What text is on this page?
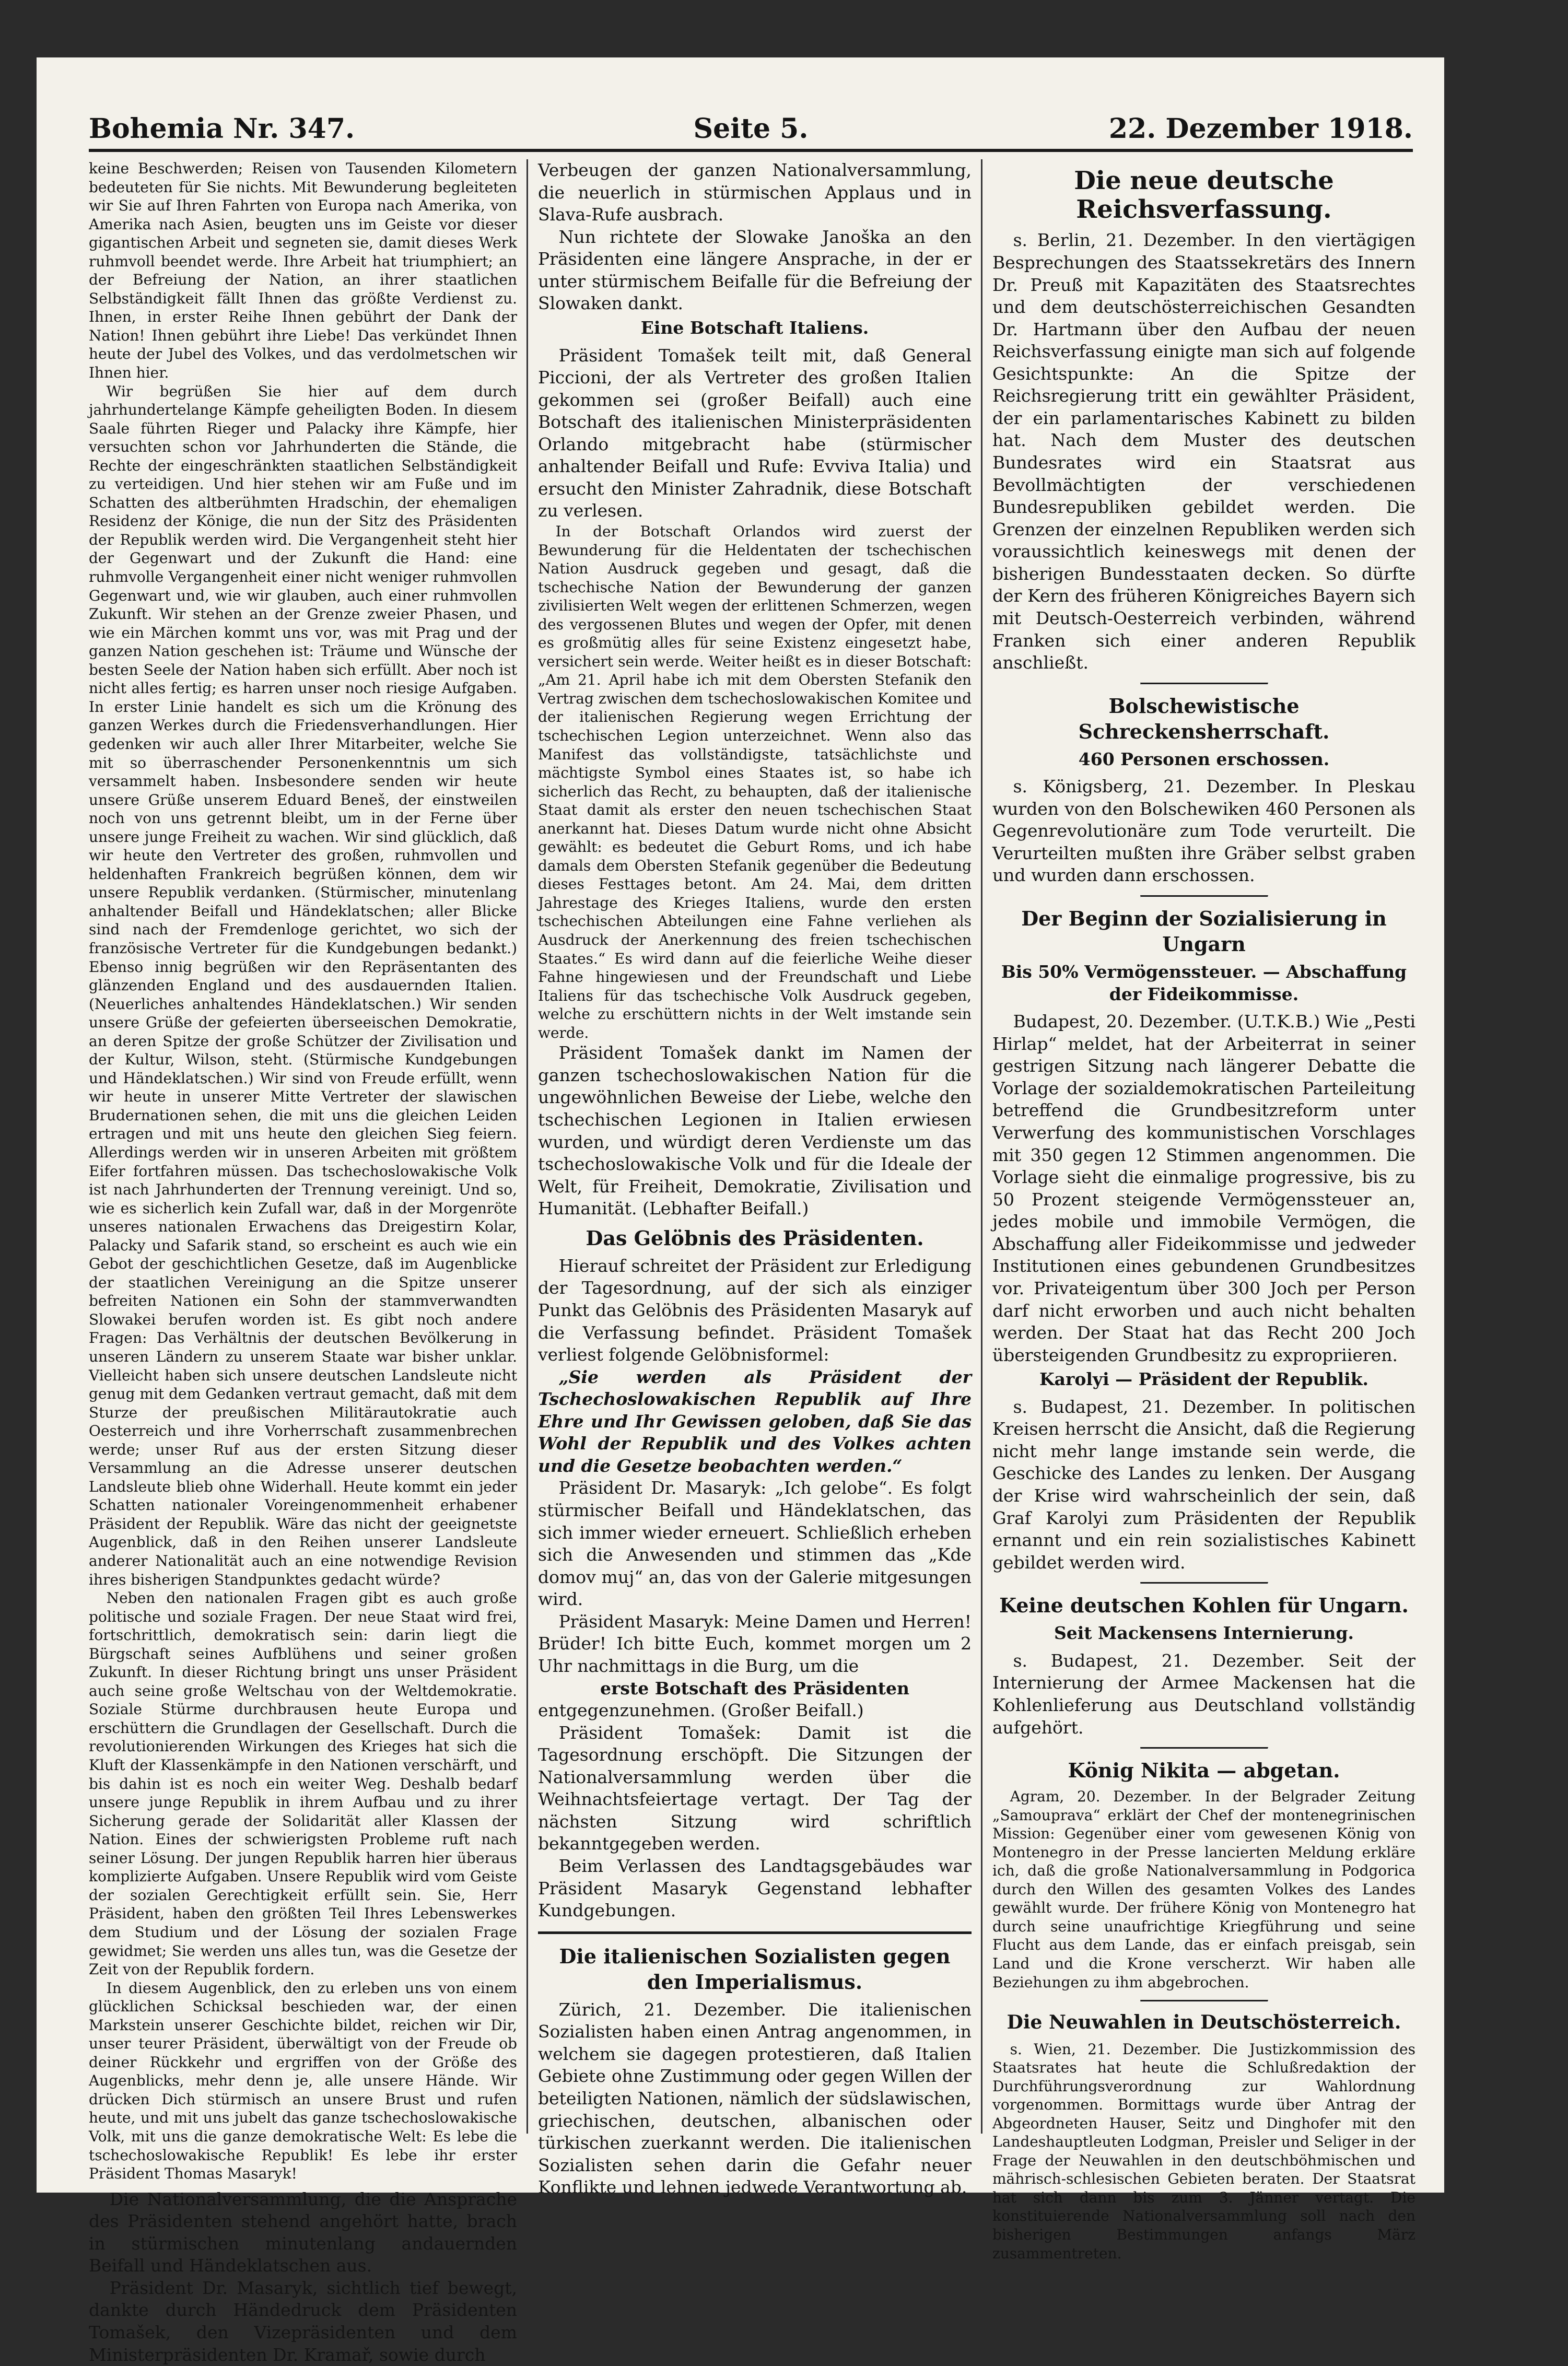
Bohemia Nr. 347.	Seite 5.	22. Dezember 1918.

keine Beschwerden; Reisen von Tausenden Kilometern bedeuteten für Sie nichts. Mit Bewunderung begleiteten wir Sie auf Ihren Fahrten von Europa nach Amerika, von Amerika nach Asien, beugten uns im Geiste vor dieser gigantischen Arbeit und segneten sie, damit dieses Werk ruhmvoll beendet werde. Ihre Arbeit hat triumphiert; an der Befreiung der Nation, an ihrer staatlichen Selbständigkeit fällt Ihnen das größte Verdienst zu. Ihnen, in erster Reihe Ihnen gebührt der Dank der Nation! Ihnen gebührt ihre Liebe! Das verkündet Ihnen heute der Jubel des Volkes, und das verdolmetschen wir Ihnen hier.

Wir begrüßen Sie hier auf dem durch jahrhundertelange Kämpfe geheiligten Boden. In diesem Saale führten Rieger und Palacky ihre Kämpfe, hier versuchten schon vor Jahrhunderten die Stände, die Rechte der eingeschränkten staatlichen Selbständigkeit zu verteidigen. Und hier stehen wir am Fuße und im Schatten des altberühmten Hradschin, der ehemaligen Residenz der Könige, die nun der Sitz des Präsidenten der Republik werden wird. Die Vergangenheit steht hier der Gegenwart und der Zukunft die Hand: eine ruhmvolle Vergangenheit einer nicht weniger ruhmvollen Gegenwart und, wie wir glauben, auch einer ruhmvollen Zukunft. Wir stehen an der Grenze zweier Phasen, und wie ein Märchen kommt uns vor, was mit Prag und der ganzen Nation geschehen ist: Träume und Wünsche der besten Seele der Nation haben sich erfüllt. Aber noch ist nicht alles fertig; es harren unser noch riesige Aufgaben. In erster Linie handelt es sich um die Krönung des ganzen Werkes durch die Friedensverhandlungen. Hier gedenken wir auch aller Ihrer Mitarbeiter, welche Sie mit so überraschender Personenkenntnis um sich versammelt haben. Insbesondere senden wir heute unsere Grüße unserem Eduard Beneš, der einstweilen noch von uns getrennt bleibt, um in der Ferne über unsere junge Freiheit zu wachen. Wir sind glücklich, daß wir heute den Vertreter des großen, ruhmvollen und heldenhaften Frankreich begrüßen können, dem wir unsere Republik verdanken. (Stürmischer, minutenlang anhaltender Beifall und Händeklatschen; aller Blicke sind nach der Fremdenloge gerichtet, wo sich der französische Vertreter für die Kundgebungen bedankt.) Ebenso innig begrüßen wir den Repräsentanten des glänzenden England und des ausdauernden Italien. (Neuerliches anhaltendes Händeklatschen.) Wir senden unsere Grüße der gefeierten überseeischen Demokratie, an deren Spitze der große Schützer der Zivilisation und der Kultur, Wilson, steht. (Stürmische Kundgebungen und Händeklatschen.) Wir sind von Freude erfüllt, wenn wir heute in unserer Mitte Vertreter der slawischen Brudernationen sehen, die mit uns die gleichen Leiden ertragen und mit uns heute den gleichen Sieg feiern. Allerdings werden wir in unseren Arbeiten mit größtem Eifer fortfahren müssen. Das tschechoslowakische Volk ist nach Jahrhunderten der Trennung vereinigt. Und so, wie es sicherlich kein Zufall war, daß in der Morgenröte unseres nationalen Erwachens das Dreigestirn Kolar, Palacky und Safarik stand, so erscheint es auch wie ein Gebot der geschichtlichen Gesetze, daß im Augenblicke der staatlichen Vereinigung an die Spitze unserer befreiten Nationen ein Sohn der stammverwandten Slowakei berufen worden ist. Es gibt noch andere Fragen: Das Verhältnis der deutschen Bevölkerung in unseren Ländern zu unserem Staate war bisher unklar. Vielleicht haben sich unsere deutschen Landsleute nicht genug mit dem Gedanken vertraut gemacht, daß mit dem Sturze der preußischen Militärautokratie auch Oesterreich und ihre Vorherrschaft zusammenbrechen werde; unser Ruf aus der ersten Sitzung dieser Versammlung an die Adresse unserer deutschen Landsleute blieb ohne Widerhall. Heute kommt ein jeder Schatten nationaler Voreingenommenheit erhabener Präsident der Republik. Wäre das nicht der geeignetste Augenblick, daß in den Reihen unserer Landsleute anderer Nationalität auch an eine notwendige Revision ihres bisherigen Standpunktes gedacht würde?

Neben den nationalen Fragen gibt es auch große politische und soziale Fragen. Der neue Staat wird frei, fortschrittlich, demokratisch sein: darin liegt die Bürgschaft seines Aufblühens und seiner großen Zukunft. In dieser Richtung bringt uns unser Präsident auch seine große Weltschau von der Weltdemokratie. Soziale Stürme durchbrausen heute Europa und erschüttern die Grundlagen der Gesellschaft. Durch die revolutionierenden Wirkungen des Krieges hat sich die Kluft der Klassenkämpfe in den Nationen verschärft, und bis dahin ist es noch ein weiter Weg. Deshalb bedarf unsere junge Republik in ihrem Aufbau und zu ihrer Sicherung gerade der Solidarität aller Klassen der Nation. Eines der schwierigsten Probleme ruft nach seiner Lösung. Der jungen Republik harren hier überaus komplizierte Aufgaben. Unsere Republik wird vom Geiste der sozialen Gerechtigkeit erfüllt sein. Sie, Herr Präsident, haben den größten Teil Ihres Lebenswerkes dem Studium und der Lösung der sozialen Frage gewidmet; Sie werden uns alles tun, was die Gesetze der Zeit von der Republik fordern.

In diesem Augenblick, den zu erleben uns von einem glücklichen Schicksal beschieden war, der einen Markstein unserer Geschichte bildet, reichen wir Dir, unser teurer Präsident, überwältigt von der Freude ob deiner Rückkehr und ergriffen von der Größe des Augenblicks, mehr denn je, alle unsere Hände. Wir drücken Dich stürmisch an unsere Brust und rufen heute, und mit uns jubelt das ganze tschechoslowakische Volk, mit uns die ganze demokratische Welt: Es lebe die tschechoslowakische Republik! Es lebe ihr erster Präsident Thomas Masaryk!

Die Nationalversammlung, die die Ansprache des Präsidenten stehend angehört hatte, brach in stürmischen minutenlang andauernden Beifall und Händeklatschen aus.

Präsident Dr. Masaryk, sichtlich tief bewegt, dankte durch Händedruck dem Präsidenten Tomašek, den Vizepräsidenten und dem Ministerpräsidenten Dr. Kramař, sowie durch

Verbeugen der ganzen Nationalversammlung, die neuerlich in stürmischen Applaus und in Slava-Rufe ausbrach.

Nun richtete der Slowake Janoška an den Präsidenten eine längere Ansprache, in der er unter stürmischem Beifalle für die Befreiung der Slowaken dankt.

Eine Botschaft Italiens.

Präsident Tomašek teilt mit, daß General Piccioni, der als Vertreter des großen Italien gekommen sei (großer Beifall) auch eine Botschaft des italienischen Ministerpräsidenten Orlando mitgebracht habe (stürmischer anhaltender Beifall und Rufe: Evviva Italia) und ersucht den Minister Zahradnik, diese Botschaft zu verlesen.

In der Botschaft Orlandos wird zuerst der Bewunderung für die Heldentaten der tschechischen Nation Ausdruck gegeben und gesagt, daß die tschechische Nation der Bewunderung der ganzen zivilisierten Welt wegen der erlittenen Schmerzen, wegen des vergossenen Blutes und wegen der Opfer, mit denen es großmütig alles für seine Existenz eingesetzt habe, versichert sein werde. Weiter heißt es in dieser Botschaft: „Am 21. April habe ich mit dem Obersten Stefanik den Vertrag zwischen dem tschechoslowakischen Komitee und der italienischen Regierung wegen Errichtung der tschechischen Legion unterzeichnet. Wenn also das Manifest das vollständigste, tatsächlichste und mächtigste Symbol eines Staates ist, so habe ich sicherlich das Recht, zu behaupten, daß der italienische Staat damit als erster den neuen tschechischen Staat anerkannt hat. Dieses Datum wurde nicht ohne Absicht gewählt: es bedeutet die Geburt Roms, und ich habe damals dem Obersten Stefanik gegenüber die Bedeutung dieses Festtages betont. Am 24. Mai, dem dritten Jahrestage des Krieges Italiens, wurde den ersten tschechischen Abteilungen eine Fahne verliehen als Ausdruck der Anerkennung des freien tschechischen Staates.“ Es wird dann auf die feierliche Weihe dieser Fahne hingewiesen und der Freundschaft und Liebe Italiens für das tschechische Volk Ausdruck gegeben, welche zu erschüttern nichts in der Welt imstande sein werde.

Präsident Tomašek dankt im Namen der ganzen tschechoslowakischen Nation für die ungewöhnlichen Beweise der Liebe, welche den tschechischen Legionen in Italien erwiesen wurden, und würdigt deren Verdienste um das tschechoslowakische Volk und für die Ideale der Welt, für Freiheit, Demokratie, Zivilisation und Humanität. (Lebhafter Beifall.)

Das Gelöbnis des Präsidenten.

Hierauf schreitet der Präsident zur Erledigung der Tagesordnung, auf der sich als einziger Punkt das Gelöbnis des Präsidenten Masaryk auf die Verfassung befindet. Präsident Tomašek verliest folgende Gelöbnisformel:

„Sie werden als Präsident der Tschechoslowakischen Republik auf Ihre Ehre und Ihr Gewissen geloben, daß Sie das Wohl der Republik und des Volkes achten und die Gesetze beobachten werden.“

Präsident Dr. Masaryk: „Ich gelobe“. Es folgt stürmischer Beifall und Händeklatschen, das sich immer wieder erneuert. Schließlich erheben sich die Anwesenden und stimmen das „Kde domov muj“ an, das von der Galerie mitgesungen wird.

Präsident Masaryk: Meine Damen und Herren! Brüder! Ich bitte Euch, kommet morgen um 2 Uhr nachmittags in die Burg, um die

erste Botschaft des Präsidenten

entgegenzunehmen. (Großer Beifall.)

Präsident Tomašek: Damit ist die Tagesordnung erschöpft. Die Sitzungen der Nationalversammlung werden über die Weihnachtsfeiertage vertagt. Der Tag der nächsten Sitzung wird schriftlich bekanntgegeben werden.

Beim Verlassen des Landtagsgebäudes war Präsident Masaryk Gegenstand lebhafter Kundgebungen.

Die italienischen Sozialisten gegen den Imperialismus.

Zürich, 21. Dezember. Die italienischen Sozialisten haben einen Antrag angenommen, in welchem sie dagegen protestieren, daß Italien Gebiete ohne Zustimmung oder gegen Willen der beteiligten Nationen, nämlich der südslawischen, griechischen, deutschen, albanischen oder türkischen zuerkannt werden. Die italienischen Sozialisten sehen darin die Gefahr neuer Konflikte und lehnen jedwede Verantwortung ab.

Die neue deutsche Reichsverfassung.

s. Berlin, 21. Dezember. In den viertägigen Besprechungen des Staatssekretärs des Innern Dr. Preuß mit Kapazitäten des Staatsrechtes und dem deutschösterreichischen Gesandten Dr. Hartmann über den Aufbau der neuen Reichsverfassung einigte man sich auf folgende Gesichtspunkte: An die Spitze der Reichsregierung tritt ein gewählter Präsident, der ein parlamentarisches Kabinett zu bilden hat. Nach dem Muster des deutschen Bundesrates wird ein Staatsrat aus Bevollmächtigten der verschiedenen Bundesrepubliken gebildet werden. Die Grenzen der einzelnen Republiken werden sich voraussichtlich keineswegs mit denen der bisherigen Bundesstaaten decken. So dürfte der Kern des früheren Königreiches Bayern sich mit Deutsch-Oesterreich verbinden, während Franken sich einer anderen Republik anschließt.

Bolschewistische Schreckensherrschaft.
460 Personen erschossen.

s. Königsberg, 21. Dezember. In Pleskau wurden von den Bolschewiken 460 Personen als Gegenrevolutionäre zum Tode verurteilt. Die Verurteilten mußten ihre Gräber selbst graben und wurden dann erschossen.

Der Beginn der Sozialisierung in Ungarn
Bis 50% Vermögenssteuer. — Abschaffung der Fideikommisse.

Budapest, 20. Dezember. (U.T.K.B.) Wie „Pesti Hirlap“ meldet, hat der Arbeiterrat in seiner gestrigen Sitzung nach längerer Debatte die Vorlage der sozialdemokratischen Parteileitung betreffend die Grundbesitzreform unter Verwerfung des kommunistischen Vorschlages mit 350 gegen 12 Stimmen angenommen. Die Vorlage sieht die einmalige progressive, bis zu 50 Prozent steigende Vermögenssteuer an, jedes mobile und immobile Vermögen, die Abschaffung aller Fideikommisse und jedweder Institutionen eines gebundenen Grundbesitzes vor. Privateigentum über 300 Joch per Person darf nicht erworben und auch nicht behalten werden. Der Staat hat das Recht 200 Joch übersteigenden Grundbesitz zu expropriieren.

Karolyi — Präsident der Republik.

s. Budapest, 21. Dezember. In politischen Kreisen herrscht die Ansicht, daß die Regierung nicht mehr lange imstande sein werde, die Geschicke des Landes zu lenken. Der Ausgang der Krise wird wahrscheinlich der sein, daß Graf Karolyi zum Präsidenten der Republik ernannt und ein rein sozialistisches Kabinett gebildet werden wird.

Keine deutschen Kohlen für Ungarn.
Seit Mackensens Internierung.

s. Budapest, 21. Dezember. Seit der Internierung der Armee Mackensen hat die Kohlenlieferung aus Deutschland vollständig aufgehört.

König Nikita — abgetan.

Agram, 20. Dezember. In der Belgrader Zeitung „Samouprava“ erklärt der Chef der montenegrinischen Mission: Gegenüber einer vom gewesenen König von Montenegro in der Presse lancierten Meldung erkläre ich, daß die große Nationalversammlung in Podgorica durch den Willen des gesamten Volkes des Landes gewählt wurde. Der frühere König von Montenegro hat durch seine unaufrichtige Kriegführung und seine Flucht aus dem Lande, das er einfach preisgab, sein Land und die Krone verscherzt. Wir haben alle Beziehungen zu ihm abgebrochen.

Die Neuwahlen in Deutschösterreich.

s. Wien, 21. Dezember. Die Justizkommission des Staatsrates hat heute die Schlußredaktion der Durchführungsverordnung zur Wahlordnung vorgenommen. Bormittags wurde über Antrag der Abgeordneten Hauser, Seitz und Dinghofer mit den Landeshauptleuten Lodgman, Preisler und Seliger in der Frage der Neuwahlen in den deutschböhmischen und mährisch-schlesischen Gebieten beraten. Der Staatsrat hat sich dann bis zum 3. Jänner vertagt. Die konstituierende Nationalversammlung soll nach den bisherigen Bestimmungen anfangs März zusammentreten.
